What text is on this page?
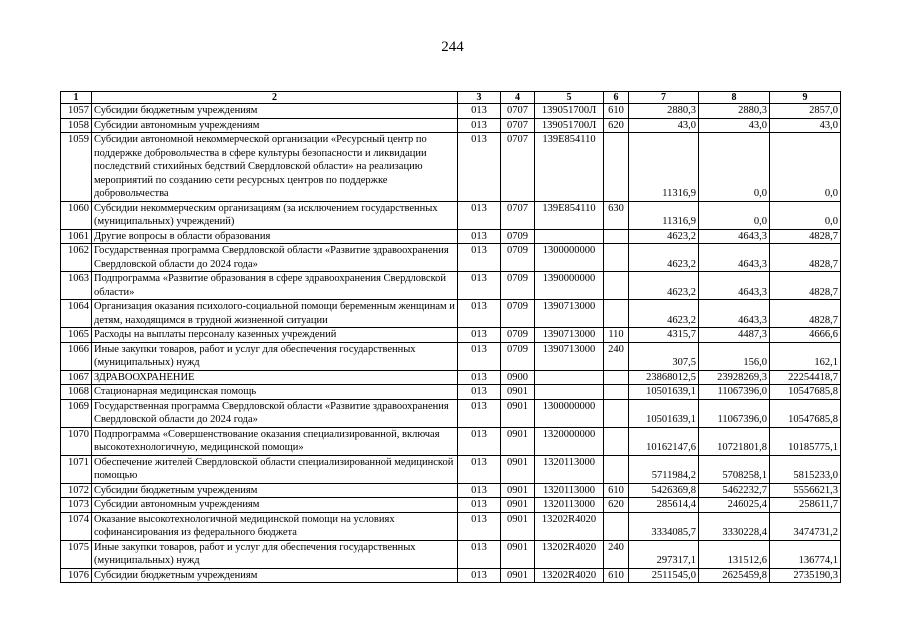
244
1	2	3	4	5	6	7	8	9
1057	Субсидии бюджетным учреждениям	013	0707	139051700Л	610	2880,3	2880,3	2857,0
1058	Субсидии автономным учреждениям	013	0707	139051700Л	620	43,0	43,0	43,0
1059	Субсидии автономной некоммерческой организации «Ресурсный центр по поддержке добровольчества в сфере культуры безопасности и ликвидации последствий стихийных бедствий Свердловской области» на реализацию мероприятий по созданию сети ресурсных центров по поддержке добровольчества	013	0707	139Е854110		11316,9	0,0	0,0
1060	Субсидии некоммерческим организациям (за исключением государственных (муниципальных) учреждений)	013	0707	139Е854110	630	11316,9	0,0	0,0
1061	Другие вопросы в области образования	013	0709			4623,2	4643,3	4828,7
1062	Государственная программа Свердловской области «Развитие здравоохранения Свердловской области до 2024 года»	013	0709	1300000000		4623,2	4643,3	4828,7
1063	Подпрограмма «Развитие образования в сфере здравоохранения Свердловской области»	013	0709	1390000000		4623,2	4643,3	4828,7
1064	Организация оказания психолого-социальной помощи беременным женщинам и детям, находящимся в трудной жизненной ситуации	013	0709	1390713000		4623,2	4643,3	4828,7
1065	Расходы на выплаты персоналу казенных учреждений	013	0709	1390713000	110	4315,7	4487,3	4666,6
1066	Иные закупки товаров, работ и услуг для обеспечения государственных (муниципальных) нужд	013	0709	1390713000	240	307,5	156,0	162,1
1067	ЗДРАВООХРАНЕНИЕ	013	0900			23868012,5	23928269,3	22254418,7
1068	Стационарная медицинская помощь	013	0901			10501639,1	11067396,0	10547685,8
1069	Государственная программа Свердловской области «Развитие здравоохранения Свердловской области до 2024 года»	013	0901	1300000000		10501639,1	11067396,0	10547685,8
1070	Подпрограмма «Совершенствование оказания специализированной, включая высокотехнологичную, медицинской помощи»	013	0901	1320000000		10162147,6	10721801,8	10185775,1
1071	Обеспечение жителей Свердловской области специализированной медицинской помощью	013	0901	1320113000		5711984,2	5708258,1	5815233,0
1072	Субсидии бюджетным учреждениям	013	0901	1320113000	610	5426369,8	5462232,7	5556621,3
1073	Субсидии автономным учреждениям	013	0901	1320113000	620	285614,4	246025,4	258611,7
1074	Оказание высокотехнологичной медицинской помощи на условиях софинансирования из федерального бюджета	013	0901	13202R4020		3334085,7	3330228,4	3474731,2
1075	Иные закупки товаров, работ и услуг для обеспечения государственных (муниципальных) нужд	013	0901	13202R4020	240	297317,1	131512,6	136774,1
1076	Субсидии бюджетным учреждениям	013	0901	13202R4020	610	2511545,0	2625459,8	2735190,3
